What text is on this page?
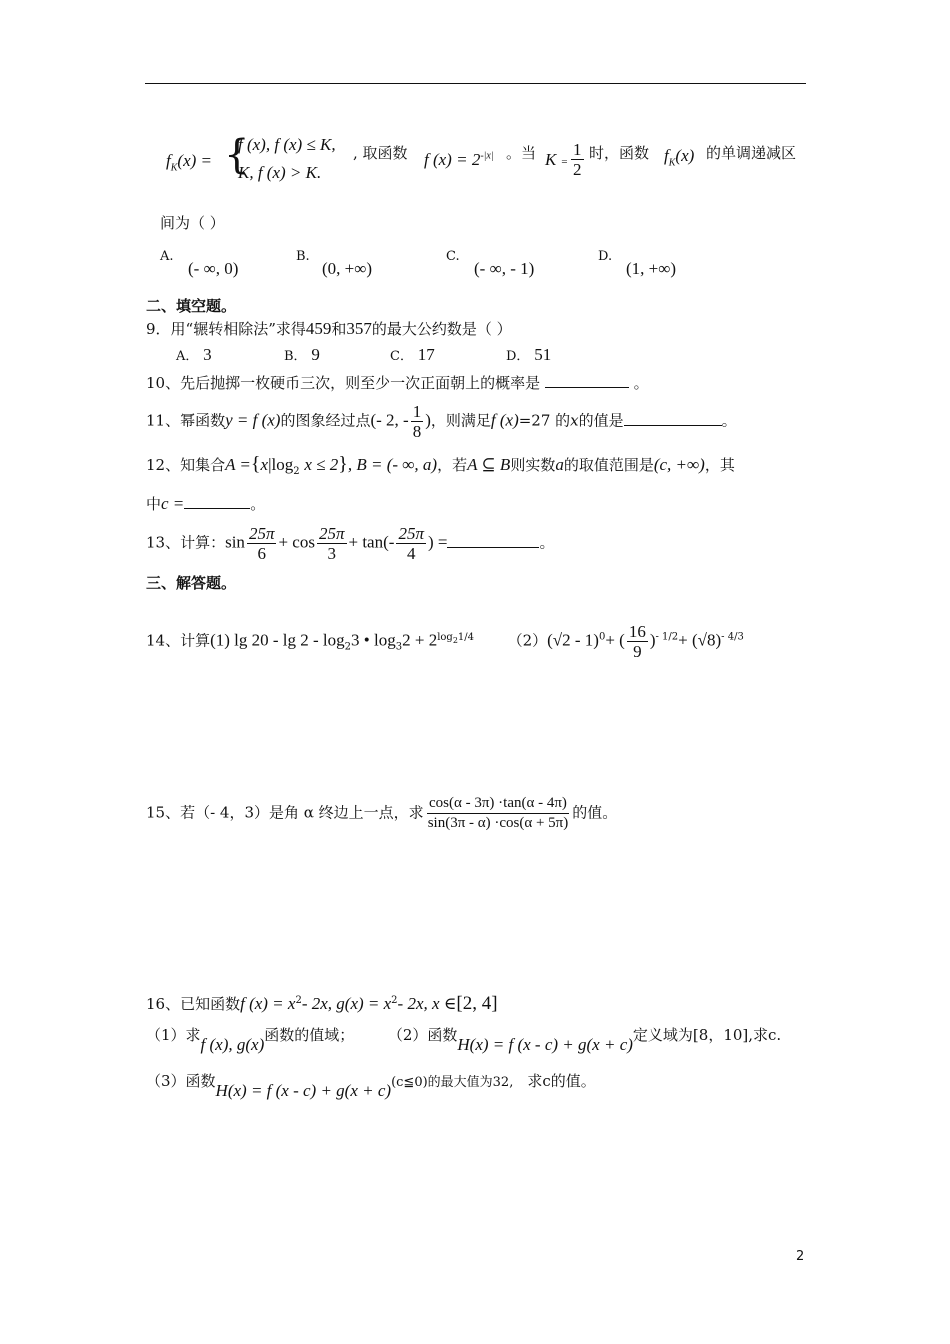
$f_K(x)$ = {
f (x), f (x) ≤ K,
K, f (x) > K.
, 取函数 f $(x) = 2^{-|x|}$ 。当 $K = \frac{1}{2}$ 时，函数 $f_K(x)$ 的单调递减区
间为（ ）
A.
(- ∞, 0)
B.
(0, +∞)
C.
(- ∞, - 1)
D.
(1, +∞)
二、填空题。
9．用“辗转相除法”求得459和357的最大公约数是（ ）
A． 3	B． 9	C． 17	D． 51
10、先后抛掷一枚硬币三次，则至少一次正面朝上的概率是	。
11、幂函数y = f (x)的图象经过点(- 2, - $\frac{1}{8}$ )，则满足f (x)=27 的x的值是	。
12、知集合$A =\{x|\log_2$ x ≤ 2}, B = (- ∞, a)，若A ⊆ B则实数a的取值范围是(c, +∞)，其
中c =	。
13、计算：$\sin \frac{25\pi}{6} + \cos \frac{25\pi}{3} + \tan(- \frac{25\pi}{4}$ ) =	。
三、解答题。
14、计算(1) $\lg 20 - \lg 2 - \log_23$ • $\log_32 + 2^{log_21/4}$ （2）(√2 - 1)$^0$+ ( $\frac{16}{9} )^{- 1/2}+ (√8)^{- 4/3}$
15、若（- 4，3）是角 α 终边上一点，求 $\frac{\cos(\alpha - 3\pi) \cdot\tan(\alpha - 4\pi)}{\sin(3\pi - \alpha) \cdot\cos(\alpha + 5\pi)}$ 的值。
16、已知函数f $(x) = x^2-$ 2x, $g(x) = x^2-$ 2x, x ∈[2, 4]
（1）求f (x), g(x)函数的值域； （2）函数H(x) = f (x - c) + g(x + c)定义域为[8，10],求c.
（3）函数H(x) = f (x - c) + g(x + c)(c≦0)的最大值为32, 求c的值。
2
